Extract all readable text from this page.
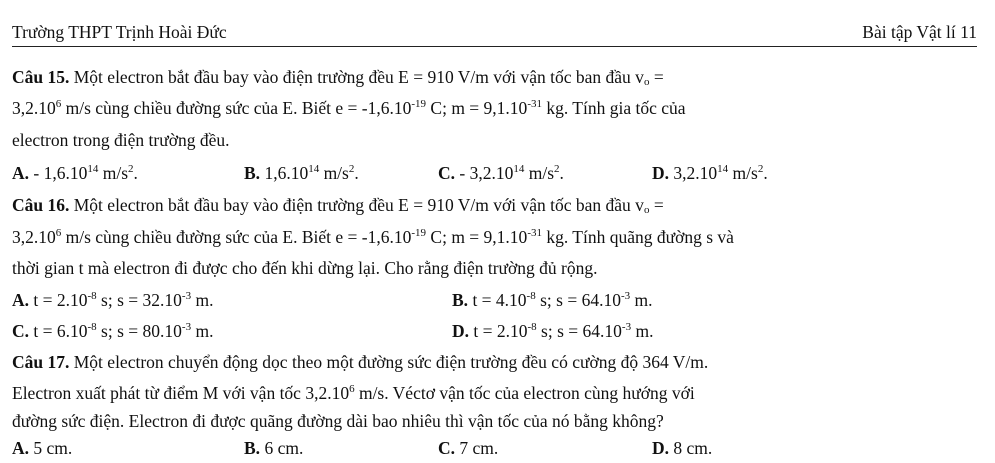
Trường THPT Trịnh Hoài Đức	Bài tập Vật lí 11
Câu 15. Một electron bắt đầu bay vào điện trường đều E = 910 V/m với vận tốc ban đầu $v_o$ =
$3,2.10^6$ m/s cùng chiều đường sức của E. Biết $e = -1,6.10^{-19}$ C; $m = 9,1.10^{-31}$ kg. Tính gia tốc của
electron trong điện trường đều.
A. - 1,6.10$^{14}$ $m/s^2$.	B. 1,6.10$^{14}$ $m/s^2$.	C. - 3,2.10$^{14}$ $m/s^2$.	D. 3,2.10$^{14}$ $m/s^2$.
Câu 16. Một electron bắt đầu bay vào điện trường đều E = 910 V/m với vận tốc ban đầu $v_o$ =
$3,2.10^6$ m/s cùng chiều đường sức của E. Biết $e = -1,6.10^{-19}$ C; $m = 9,1.10^{-31}$ kg. Tính quãng đường s và
thời gian t mà electron đi được cho đến khi dừng lại. Cho rằng điện trường đủ rộng.
A. $t = 2.10^{-8}$ s; $s = 32.10^{-3}$ m.	B. $t = 4.10^{-8}$ s; $s = 64.10^{-3}$ m.
C. $t = 6.10^{-8}$ s; $s = 80.10^{-3}$ m.	D. $t = 2.10^{-8}$ s; $s = 64.10^{-3}$ m.
Câu 17. Một electron chuyển động dọc theo một đường sức điện trường đều có cường độ 364 V/m.
Electron xuất phát từ điểm M với vận tốc 3,2.10$^6$ m/s. Véctơ vận tốc của electron cùng hướng với
đường sức điện. Electron đi được quãng đường dài bao nhiêu thì vận tốc của nó bằng không?
A. 5 cm.	B. 6 cm.	C. 7 cm.	D. 8 cm.
